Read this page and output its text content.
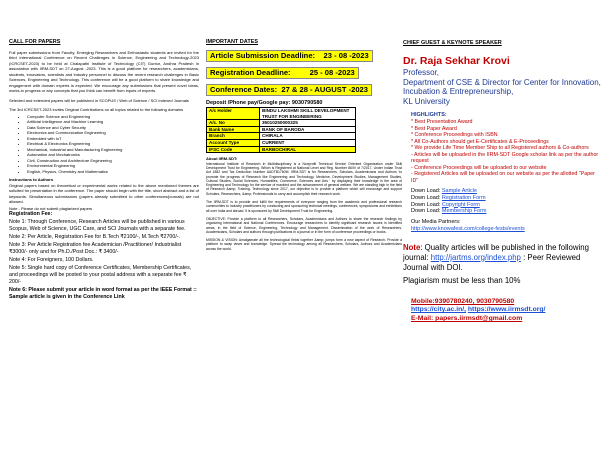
CALL FOR PAPERS

Full paper submissions from Faculty, Emerging Researchers and Enthusiastic students are invited for the third International Conference on Recent Challenges in Science, Engineering and Technology-2023 (ICRCSET-2023) to be held at Chalapathi Institute of Technology (CIT) Guntur, Andhra Pradesh in association with IIRM-SDT on 27-August -2023. This is a good platform for researchers, academicians, students, innovators, scientists and industry personnel to discuss the recent research challenges in Basic Sciences, Engineering and Technology. This conference will be a good platform to share knowledge and engagement with domain experts is expected. We encourage any submissions that present novel ideas, works-in progress or any concepts that you think can benefit from inputs of experts.

Selected and extended papers will be published in SCOPUS / Web of Science / SCI Indexed Journals

The 3rd ICRCSET-2023 invites Original Contributions on all topics related to the following domains

• Computer Science and Engineering
• Artificial Intelligence and Machine Learning
• Data Science and Cyber Security
• Electronics and Communication Engineering
• Embedded with IoT
• Electrical & Electronics Engineering
• Mechanical, Industrial and Manufacturing Engineering
• Automation and Mechatronics
• Civil, Construction and Architecture Engineering
• Environmental Engineering
• English, Physics, Chemistry and Mathematics
Instructions to Authors

Original papers based on theoretical or experimental works related to the above mentioned themes are solicited for presentation in the conference. The paper should begin with the title, short abstract and a list of keywords. Simultaneous submissions (papers already submitted to other conferences/journals) are not allowed.

Note - Please do not submit plagiarized papers
Registration Fee:
Note 1: Through Conference, Research Articles will be published in various Scopus, Web of Science, UGC Care, and SCI Journals with a separate fee.
Note 2: Per Article, Registration Fee for B.Tech ₹2100/-, M.Tech ₹2700/-.
Note 3: Per Article Registration fee Academician /Practitioner/ Industrialist ₹3000/- only and for Ph.D./Post Doc.: ₹ 3400/-
Note 4: For Foreigners, 100 Dollars.
Note 5: Single hard copy of Conference Certificates, Membership Certificates, and proceedings will be posted to your postal address with a separate fee ₹ 200/-
Note 6: Please submit your article in word format as per the IEEE Format :: Sample article is given in the Conference Link
IMPORTANT DATES
Article Submission Deadline: 23 - 08 -2023
Registration Deadline:	25 - 08 -2023
Conference Dates: 27 & 28 - AUGUST -2023
Deposit /Phone pay/Google pay: 9030790580
A/c Holder	BINDU LAKSHMI SKILL DEVELOPMENT TRUST FOR ENGINEERING
A/c. No	35010250000325
Bank Name	BANK OF BARODA
Branch	CHIRALA
Account Type	CURRENT
IFSC Code	BARBOCHIRAL
About IIRM-SDT:

International Institute of Research in Multidisciplinary is a Nonprofit Technical Service Oriented Organization under Skill Development Trust for Engineering. Which is Registered at National Level and Reg. Number 86/IV of 7/2017, Under Indian Trust Act 1882 and Tax Deduction Number AADTB1760M. IIRM-SDT is for Researchers, Scholars, Academicians and Authors 'to promote the progress of Research like Engineering and Technology, Medicine, Development Studies, Management Studies, Cultural Studies, Social Sciences, Humanities, Commerce, Sciences and Arts ' by displaying their knowledge in the area of Engineering and Technology for the service of mankind and the advancement of general welfare. We are standing high in the field of Research &amp; Training. Technology since 2017, our objective is to provide a platform which will encourage and support Scholars, Researchers, &amp; Professionals to carry and accomplish their research work.

The IIRM-SDT is to provide and fulfill the requirements of everyone ranging from the academic and professional research communities to industry practitioners by conducting and sponsoring technical meetings, conferences, symposiums and exhibitions all over India and abroad. It is sponsored by Skill Development Trust for Engineering.

OBJECTIVE: Provide a platform to all Researchers, Scholars, Academicians and Authors to share the research findings by organizing International and National Conferences. Encourage researchers to identify significant research issues in identified areas, in the field of Science, Engineering, Technology and Management. Dissemination of the work of Researchers, Academicians, Scholars and authors through publications in a journal or in the form of conference proceedings or books.

MISSION & VISION: Amalgamate all the technological fields together &amp; jumps form a new aspect of Research. Provide a platform to swap views and knowledge. Spread the technology among all Researchers, Scholars, Authors and Academicians across the world.

CHIEF GUEST & KEYNOTE SPEAKER
Dr. Raja Sekhar Krovi
Professor,
Department of CSE & Director for Center for Innovation,
Incubation & Entrepreneurship,
KL University
HIGHLIGHTS:
* Best Presentation Award
* Best Paper Award
* Conference Proceedings with ISBN
* All Co-Authors should get E-Certificates & E-Proceedings
* We provide Life Time Member Ship to all Registered authors & Co-authors
- Articles will be uploaded in the IIRM-SDT Google scholar link as per the author request
- Conference Proceedings will be uploaded to our website
- Registered Articles will be uploaded on our website as per the allotted "Paper ID"
Down Load: Sample Article
Down Load: Registration Form
Down Load: Copyright Form
Down Load: Membership Form
Our Media Partners:
http://www.knowafest.com/college-fests/events
Note: Quality articles will be published in the following journal: http://jartms.org/index.php : Peer Reviewed Journal with DOI.
Plagiarism must be less than 10%
Mobile:9390780240, 9030790580
https://city.ac.in/, https://www.iirmsdt.org/
E-Mail: papers.iirmsdt@gmail.com
